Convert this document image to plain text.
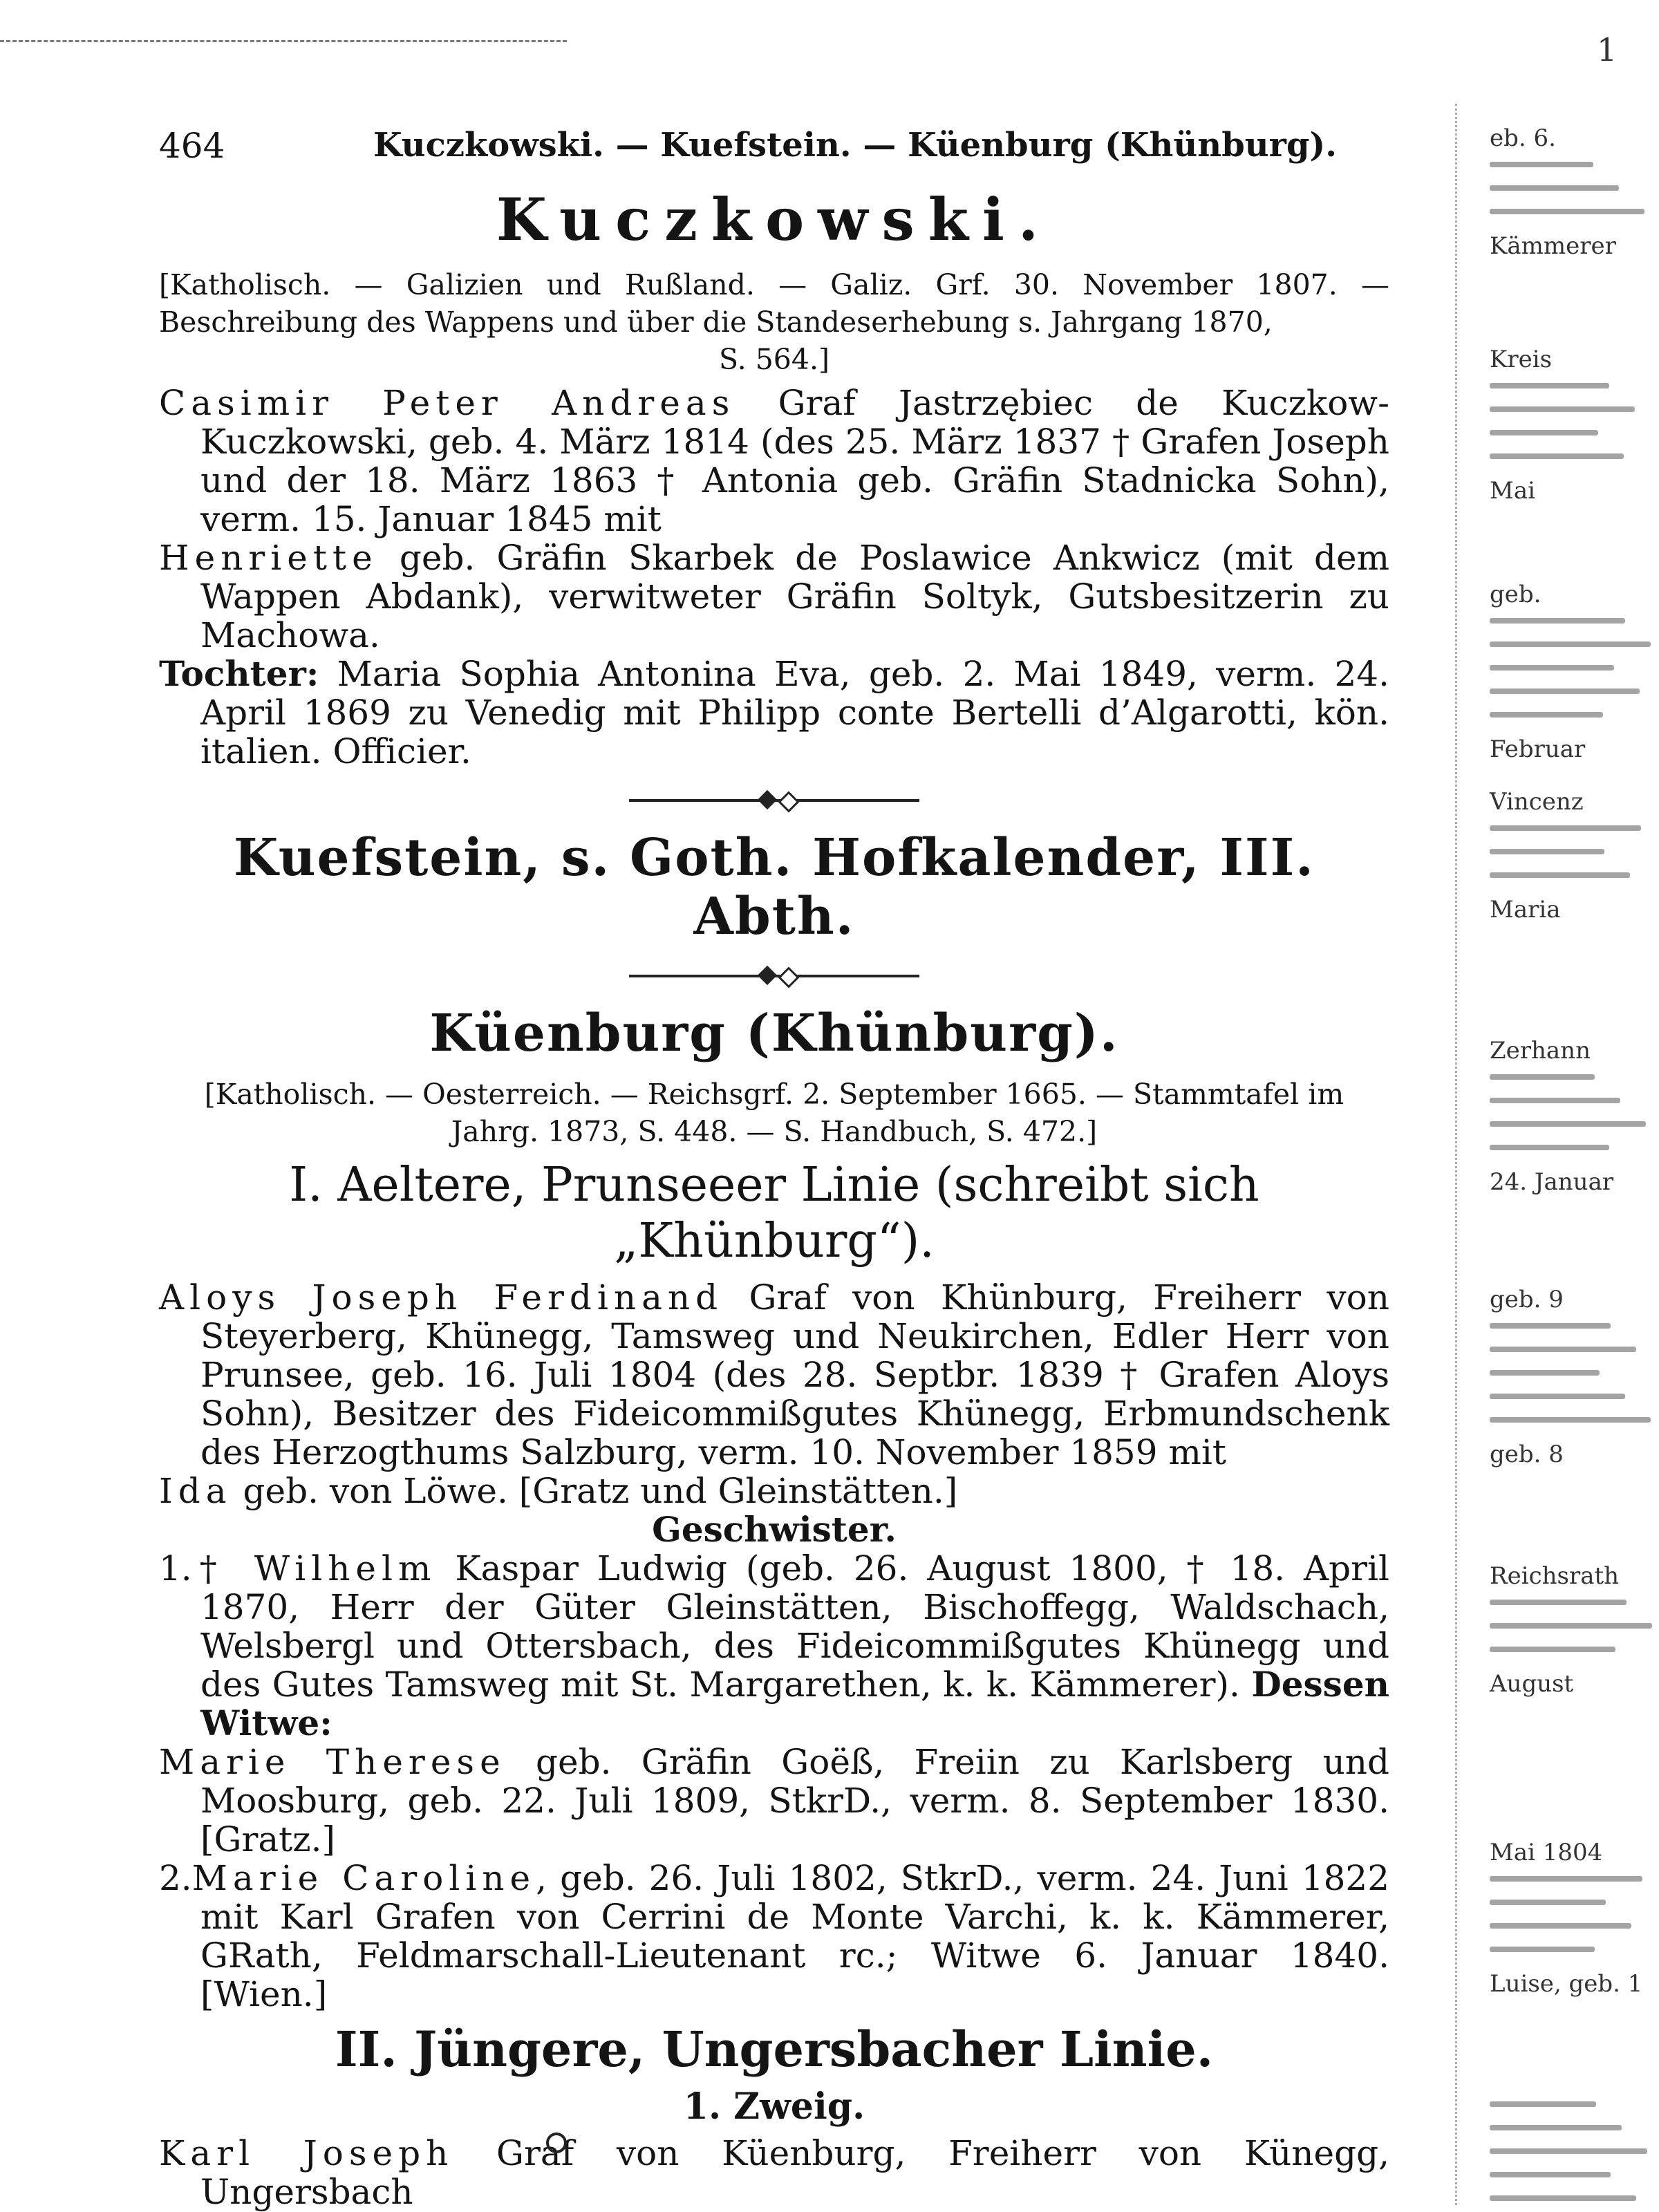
1
464	Kuczkowski. — Kuefstein. — Küenburg (Khünburg).
Kuczkowski.

[Katholisch. — Galizien und Rußland. — Galiz. Grf. 30. November 1807. — Beschreibung des Wappens und über die Standeserhebung s. Jahrgang 1870,
S. 564.]

Casimir Peter Andreas Graf Jastrzębiec de Kuczkow-Kuczkowski, geb. 4. März 1814 (des 25. März 1837 † Grafen Joseph und der 18. März 1863 † Antonia geb. Gräfin Stadnicka Sohn), verm. 15. Januar 1845 mit

Henriette geb. Gräfin Skarbek de Poslawice Ankwicz (mit dem Wappen Abdank), verwitweter Gräfin Soltyk, Gutsbesitzerin zu Machowa.

Tochter: Maria Sophia Antonina Eva, geb. 2. Mai 1849, verm. 24. April 1869 zu Venedig mit Philipp conte Bertelli d’Algarotti, kön. italien. Officier.

Kuefstein, s. Goth. Hofkalender, III. Abth.
Küenburg (Khünburg).

[Katholisch. — Oesterreich. — Reichsgrf. 2. September 1665. — Stammtafel im
Jahrg. 1873, S. 448. — S. Handbuch, S. 472.]

I. Aeltere, Prunseeer Linie (schreibt sich „Khünburg“).

Aloys Joseph Ferdinand Graf von Khünburg, Freiherr von Steyerberg, Khünegg, Tamsweg und Neukirchen, Edler Herr von Prunsee, geb. 16. Juli 1804 (des 28. Septbr. 1839 † Grafen Aloys Sohn), Besitzer des Fideicommißgutes Khünegg, Erbmundschenk des Herzogthums Salzburg, verm. 10. November 1859 mit

Ida geb. von Löwe. [Gratz und Gleinstätten.]

Geschwister.

1.† Wilhelm Kaspar Ludwig (geb. 26. August 1800, † 18. April 1870, Herr der Güter Gleinstätten, Bischoffegg, Waldschach, Welsbergl und Ottersbach, des Fideicommißgutes Khünegg und des Gutes Tamsweg mit St. Margarethen, k. k. Kämmerer). Dessen Witwe:

Marie Therese geb. Gräfin Goëß, Freiin zu Karlsberg und Moosburg, geb. 22. Juli 1809, StkrD., verm. 8. September 1830. [Gratz.]

2.Marie Caroline, geb. 26. Juli 1802, StkrD., verm. 24. Juni 1822 mit Karl Grafen von Cerrini de Monte Varchi, k. k. Kämmerer, GRath, Feldmarschall-Lieutenant rc.; Witwe 6. Januar 1840. [Wien.]

II. Jüngere, Ungersbacher Linie.
1. Zweig.

Karl Joseph Graf von Küenburg, Freiherr von Künegg, Ungersbach

eb. 6.
Kämmerer
Kreis
Mai
geb.
Februar
Vincenz
Maria
Zerhann
24. Januar
geb. 9
geb. 8
Reichsrath
August
Mai 1804
Luise, geb. 1
